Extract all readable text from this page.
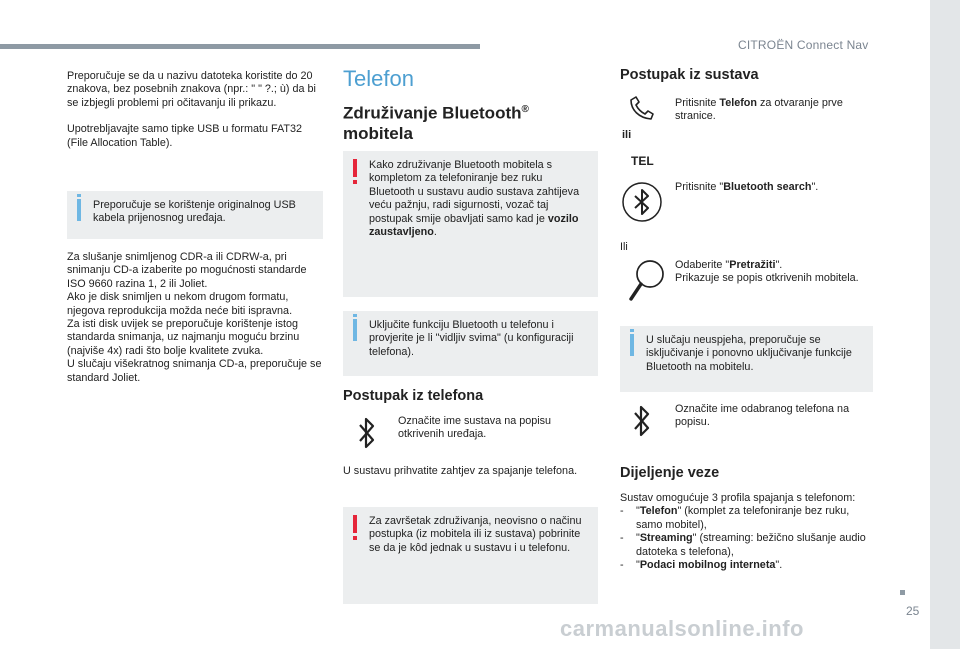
CITROËN Connect Nav
25
carmanualsonline.info

Preporučuje se da u nazivu datoteka koristite do 20 znakova, bez posebnih znakova (npr.: " " ?.; ù) da bi se izbjegli problemi pri očitavanju ili prikazu.

Upotrebljavajte samo tipke USB u formatu FAT32 (File Allocation Table).

Preporučuje se korištenje originalnog USB kabela prijenosnog uređaja.

Za slušanje snimljenog CDR-a ili CDRW-a, pri snimanju CD-a izaberite po mogućnosti standarde ISO 9660 razina 1, 2 ili Joliet.

Ako je disk snimljen u nekom drugom formatu, njegova reprodukcija možda neće biti ispravna.

Za isti disk uvijek se preporučuje korištenje istog standarda snimanja, uz najmanju moguću brzinu (najviše 4x) radi što bolje kvalitete zvuka.

U slučaju višekratnog snimanja CD-a, preporučuje se standard Joliet.

Telefon
Združivanje Bluetooth®
mobitela

Kako združivanje Bluetooth mobitela s kompletom za telefoniranje bez ruku Bluetooth u sustavu audio sustava zahtijeva veću pažnju, radi sigurnosti, vozač taj postupak smije obavljati samo kad je vozilo zaustavljeno.

Uključite funkciju Bluetooth u telefonu i provjerite je li "vidljiv svima" (u konfiguraciji telefona).

Postupak iz telefona

Označite ime sustava na popisu otkrivenih uređaja.

U sustavu prihvatite zahtjev za spajanje telefona.

Za završetak združivanja, neovisno o načinu postupka (iz mobitela ili iz sustava) pobrinite se da je kôd jednak u sustavu i u telefonu.

Postupak iz sustava
ili
TEL

Pritisnite Telefon za otvaranje prve stranice.

Pritisnite "Bluetooth search".

Ili

Odaberite "Pretražiti".

Prikazuje se popis otkrivenih mobitela.

U slučaju neuspjeha, preporučuje se isključivanje i ponovno uključivanje funkcije Bluetooth na mobitelu.

Označite ime odabranog telefona na popisu.

Dijeljenje veze

Sustav omogućuje 3 profila spajanja s telefonom:

-	"Telefon" (komplet za telefoniranje bez ruku, samo mobitel),

-	"Streaming" (streaming: bežično slušanje audio datoteka s telefona),

-	"Podaci mobilnog interneta".
